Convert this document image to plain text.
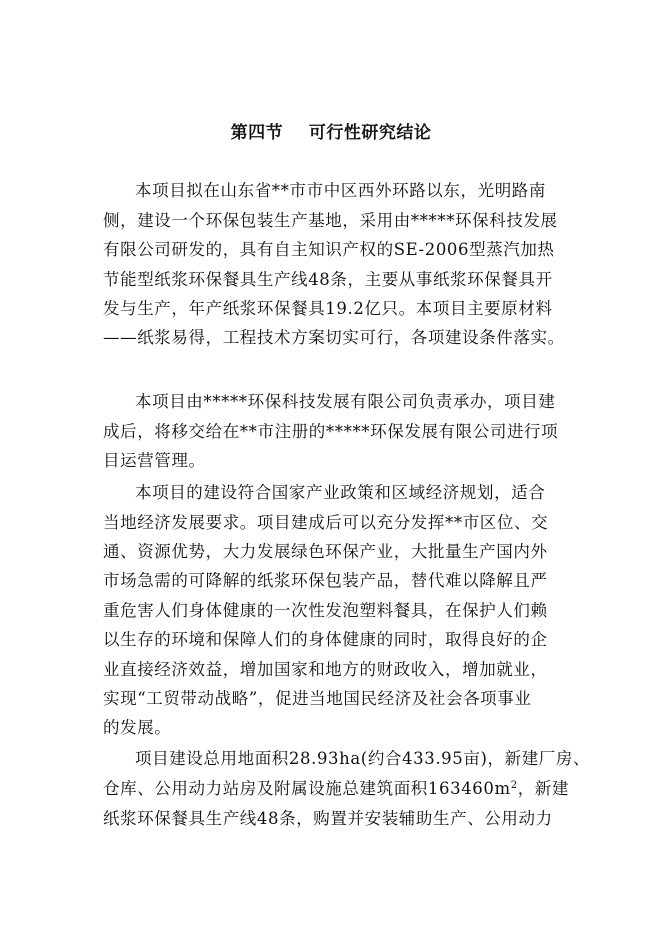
第四节    可行性研究结论
本项目拟在山东省**市市中区西外环路以东，光明路南
侧，建设一个环保包装生产基地，采用由*****环保科技发展
有限公司研发的，具有自主知识产权的SE-2006型蒸汽加热
节能型纸浆环保餐具生产线48条，主要从事纸浆环保餐具开
发与生产，年产纸浆环保餐具19.2亿只。本项目主要原材料
——纸浆易得，工程技术方案切实可行，各项建设条件落实。
本项目由*****环保科技发展有限公司负责承办，项目建
成后，将移交给在**市注册的*****环保发展有限公司进行项
目运营管理。
本项目的建设符合国家产业政策和区域经济规划，适合
当地经济发展要求。项目建成后可以充分发挥**市区位、交
通、资源优势，大力发展绿色环保产业，大批量生产国内外
市场急需的可降解的纸浆环保包装产品，替代难以降解且严
重危害人们身体健康的一次性发泡塑料餐具，在保护人们赖
以生存的环境和保障人们的身体健康的同时，取得良好的企
业直接经济效益，增加国家和地方的财政收入，增加就业，
实现“工贸带动战略”，促进当地国民经济及社会各项事业
的发展。
项目建设总用地面积28.93ha(约合433.95亩)，新建厂房、
仓库、公用动力站房及附属设施总建筑面积$163460m^2$，新建
纸浆环保餐具生产线48条，购置并安装辅助生产、公用动力
